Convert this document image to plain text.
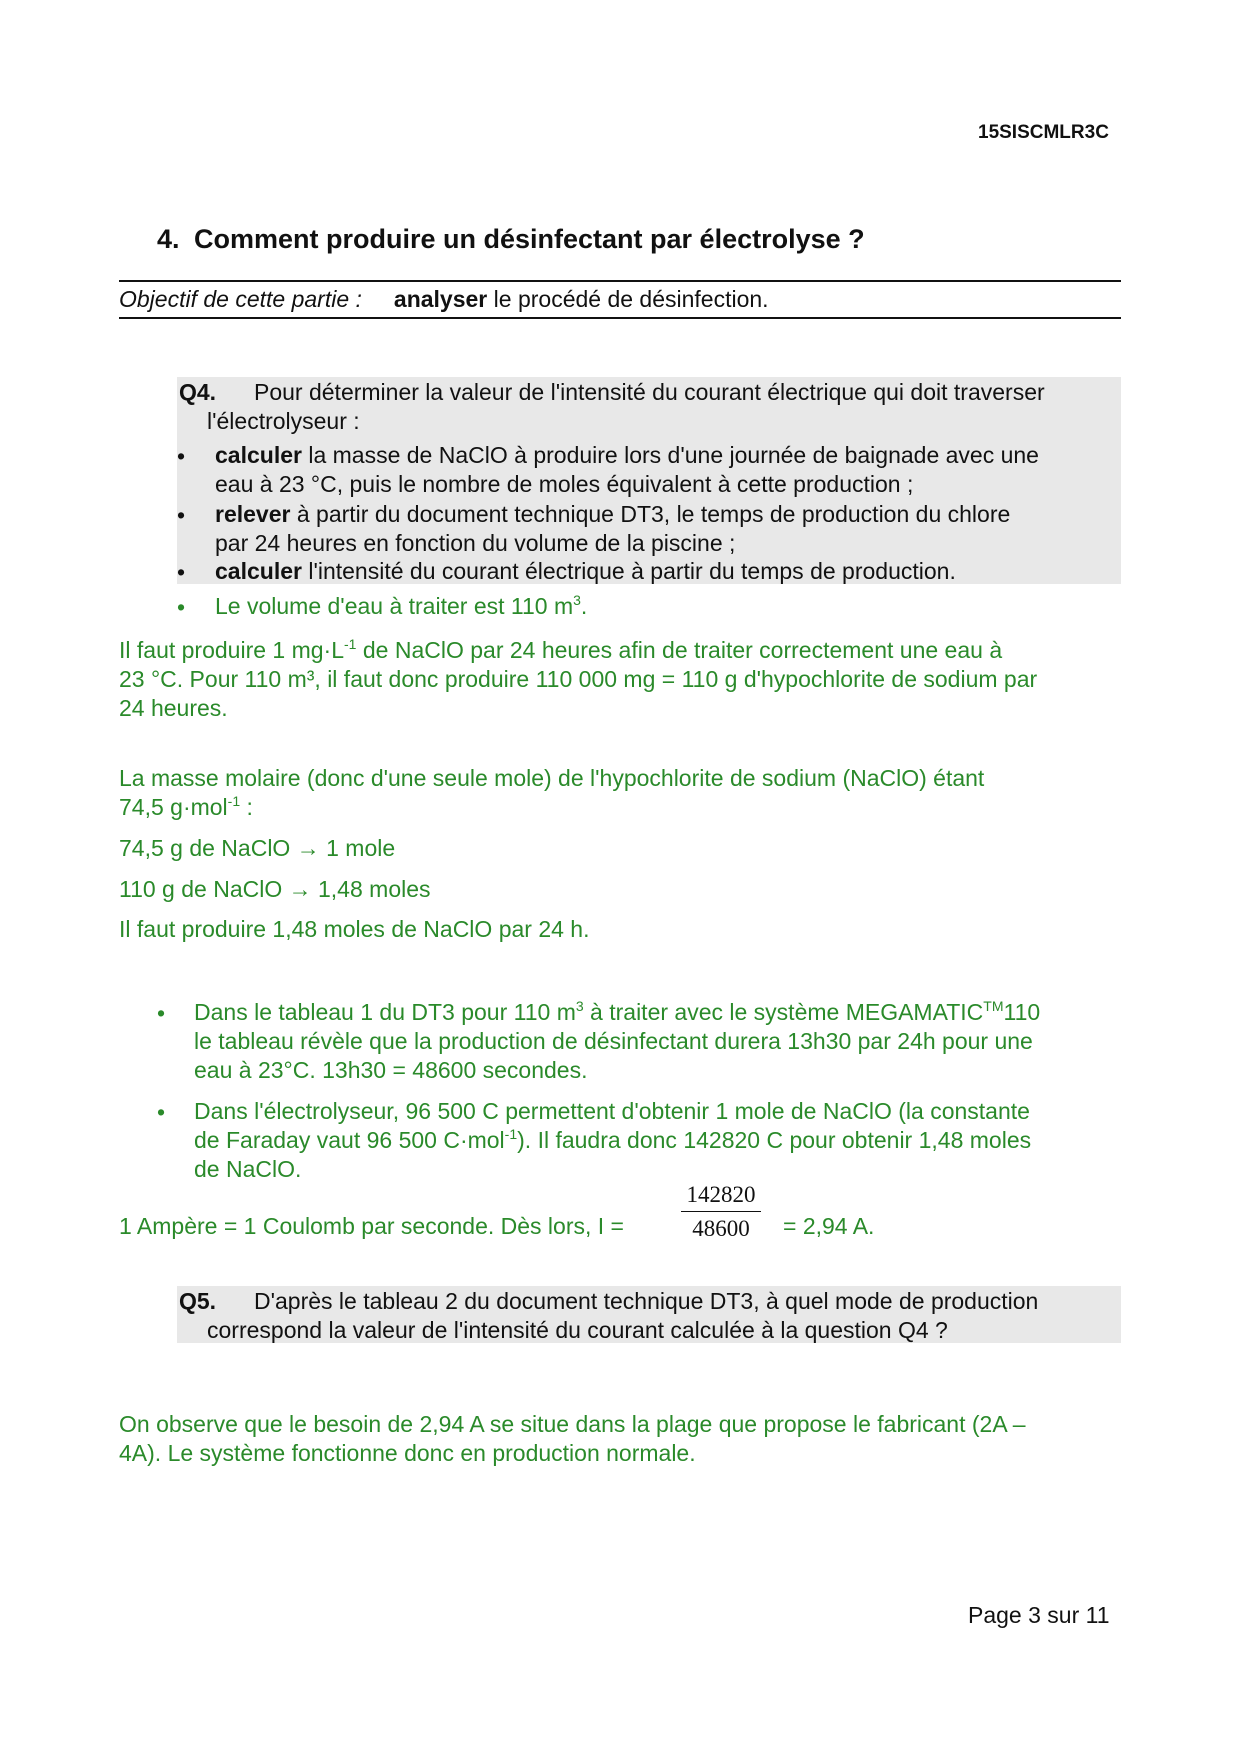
15SISCMLR3C
4. Comment produire un désinfectant par électrolyse ?
Objectif de cette partie : analyser le procédé de désinfection.
Q4. Pour déterminer la valeur de l'intensité du courant électrique qui doit traverser
l'électrolyseur :
• calculer la masse de NaClO à produire lors d'une journée de baignade avec une
eau à 23 °C, puis le nombre de moles équivalent à cette production ;
• relever à partir du document technique DT3, le temps de production du chlore
par 24 heures en fonction du volume de la piscine ;
• calculer l'intensité du courant électrique à partir du temps de production.
• Le volume d'eau à traiter est 110 $m^3$.
Il faut produire 1 $mg\cdot L^{-1}$ de NaClO par 24 heures afin de traiter correctement une eau à
23 °C. Pour 110 m³, il faut donc produire 110 000 mg = 110 g d'hypochlorite de sodium par
24 heures.
La masse molaire (donc d'une seule mole) de l'hypochlorite de sodium (NaClO) étant
74,5 g·mol$^{-1}$ :
74,5 g de NaClO → 1 mole
110 g de NaClO → 1,48 moles
Il faut produire 1,48 moles de NaClO par 24 h.
• Dans le tableau 1 du DT3 pour 110 $m^3$ à traiter avec le système MEGAMATIC™110
le tableau révèle que la production de désinfectant durera 13h30 par 24h pour une
eau à 23°C. 13h30 = 48600 secondes.
• Dans l'électrolyseur, 96 500 C permettent d'obtenir 1 mole de NaClO (la constante
de Faraday vaut 96 500 C·mol$^{-1}$). Il faudra donc 142820 C pour obtenir 1,48 moles
de NaClO.
1 Ampère = 1 Coulomb par seconde. Dès lors, I =
142820
48600	= 2,94 A.
Q5. D'après le tableau 2 du document technique DT3, à quel mode de production
correspond la valeur de l'intensité du courant calculée à la question Q4 ?
On observe que le besoin de 2,94 A se situe dans la plage que propose le fabricant (2A –
4A). Le système fonctionne donc en production normale.
Page 3 sur 11
